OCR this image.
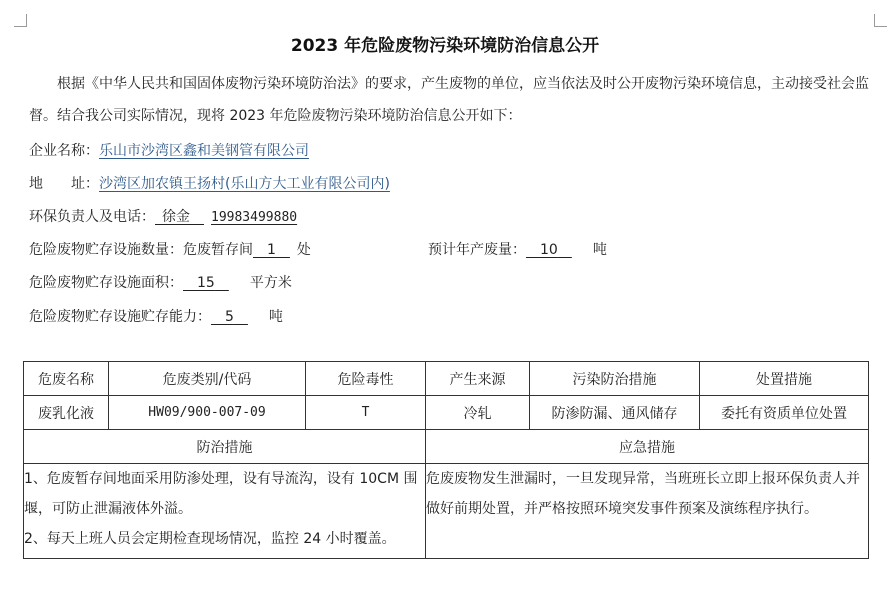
2023 年危险废物污染环境防治信息公开
根据《中华人民共和国固体废物污染环境防治法》的要求，产生废物的单位，应当依法及时公开废物污染环境信息，主动接受社会监督。结合我公司实际情况，现将 2023 年危险废物污染环境防治信息公开如下：
企业名称：乐山市沙湾区鑫和美钢管有限公司
地　　址：沙湾区加农镇王扬村(乐山方大工业有限公司内)
环保负责人及电话：  徐金    19983499880
危险废物贮存设施数量：危废暂存间   1    处	预计年产废量：   10     	吨
危险废物贮存设施面积：   15     	平方米
危险废物贮存设施贮存能力：   5     	吨
危废名称	危废类别/代码	危险毒性	产生来源	污染防治措施	处置措施
废乳化液	HW09/900-007-09	T	冷轧	防渗防漏、通风储存	委托有资质单位处置
防治措施			应急措施		

1、危废暂存间地面采用防渗处理，设有导流沟，设有 10CM 围堰，可防止泄漏液体外溢。
2、每天上班人员会定期检查现场情况，监控 24 小时覆盖。			危废废物发生泄漏时，一旦发现异常，当班班长立即上报环保负责人并做好前期处置，并严格按照环境突发事件预案及演练程序执行。		
